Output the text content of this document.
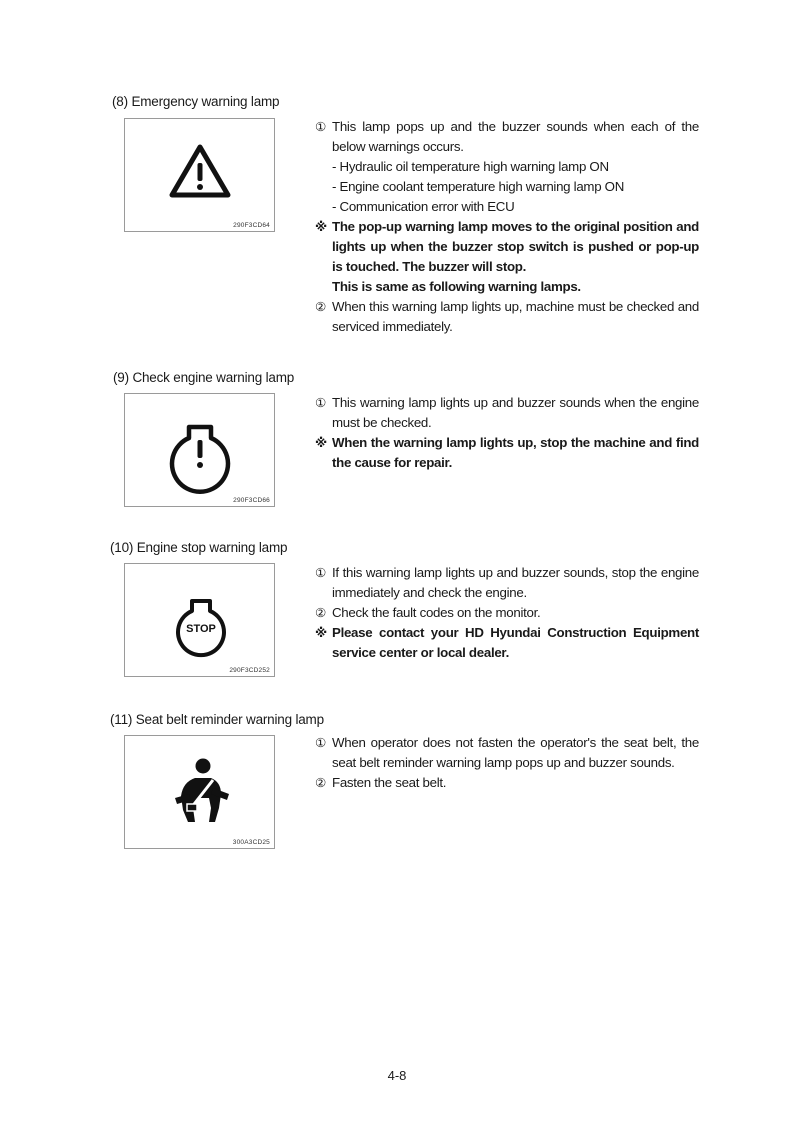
(8) Emergency warning lamp
290F3CD64
① This lamp pops up and the buzzer sounds when each of the below warnings occurs.
- Hydraulic oil temperature high warning lamp ON
- Engine coolant temperature high warning lamp ON
- Communication error with ECU
※ The pop-up warning lamp moves to the original position and lights up when the buzzer stop switch is pushed or pop-up is touched. The buzzer will stop.
This is same as following warning lamps.
② When this warning lamp lights up, machine must be checked and serviced immediately.
(9) Check engine warning lamp
290F3CD66
① This warning lamp lights up and buzzer sounds when the engine must be checked.
※ When the warning lamp lights up, stop the machine and find the cause for repair.
(10) Engine stop warning lamp
STOP
290F3CD252
① If this warning lamp lights up and buzzer sounds, stop the engine immediately and check the engine.
② Check the fault codes on the monitor.
※ Please contact your HD Hyundai Construction Equipment service center or local dealer.
(11) Seat belt reminder warning lamp
300A3CD25
① When operator does not fasten the operator's the seat belt, the seat belt reminder warning lamp pops up and buzzer sounds.
② Fasten the seat belt.
4-8
